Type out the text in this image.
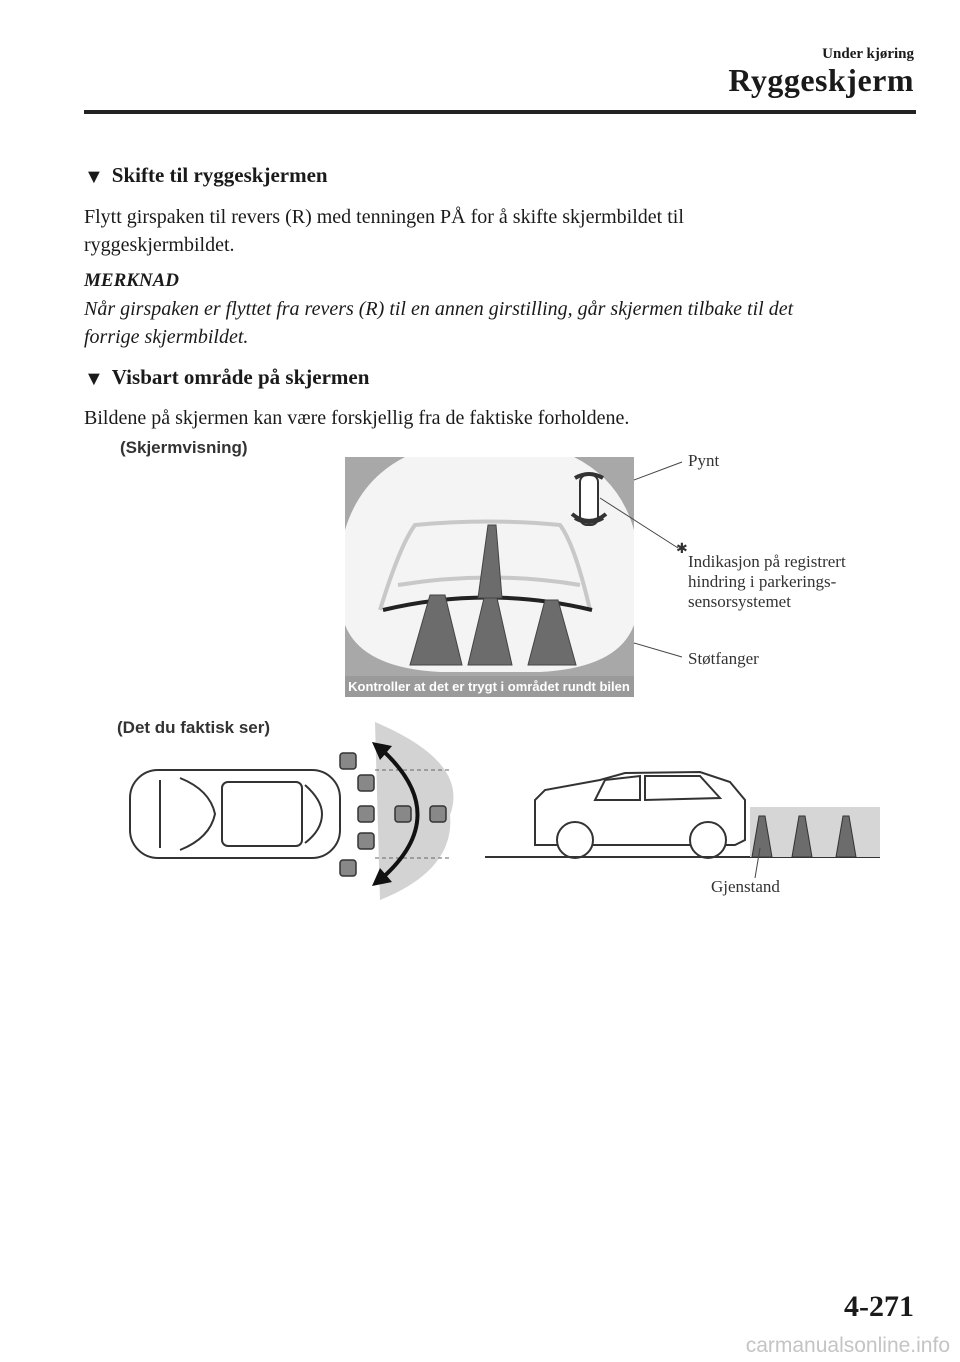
Under kjøring
Ryggeskjerm
▼ Skifte til ryggeskjermen
Flytt girspaken til revers (R) med tenningen PÅ for å skifte skjermbildet til
ryggeskjermbildet.
MERKNAD
Når girspaken er flyttet fra revers (R) til en annen girstilling, går skjermen tilbake til det
forrige skjermbildet.
▼ Visbart område på skjermen
Bildene på skjermen kan være forskjellig fra de faktiske forholdene.
(Skjermvisning)
Kontroller at det er trygt i området rundt bilen
✱
Pynt
Indikasjon på registrert
hindring i parkerings-
sensorsystemet
Støtfanger
(Det du faktisk ser)
Gjenstand
4-271
carmanualsonline.info
